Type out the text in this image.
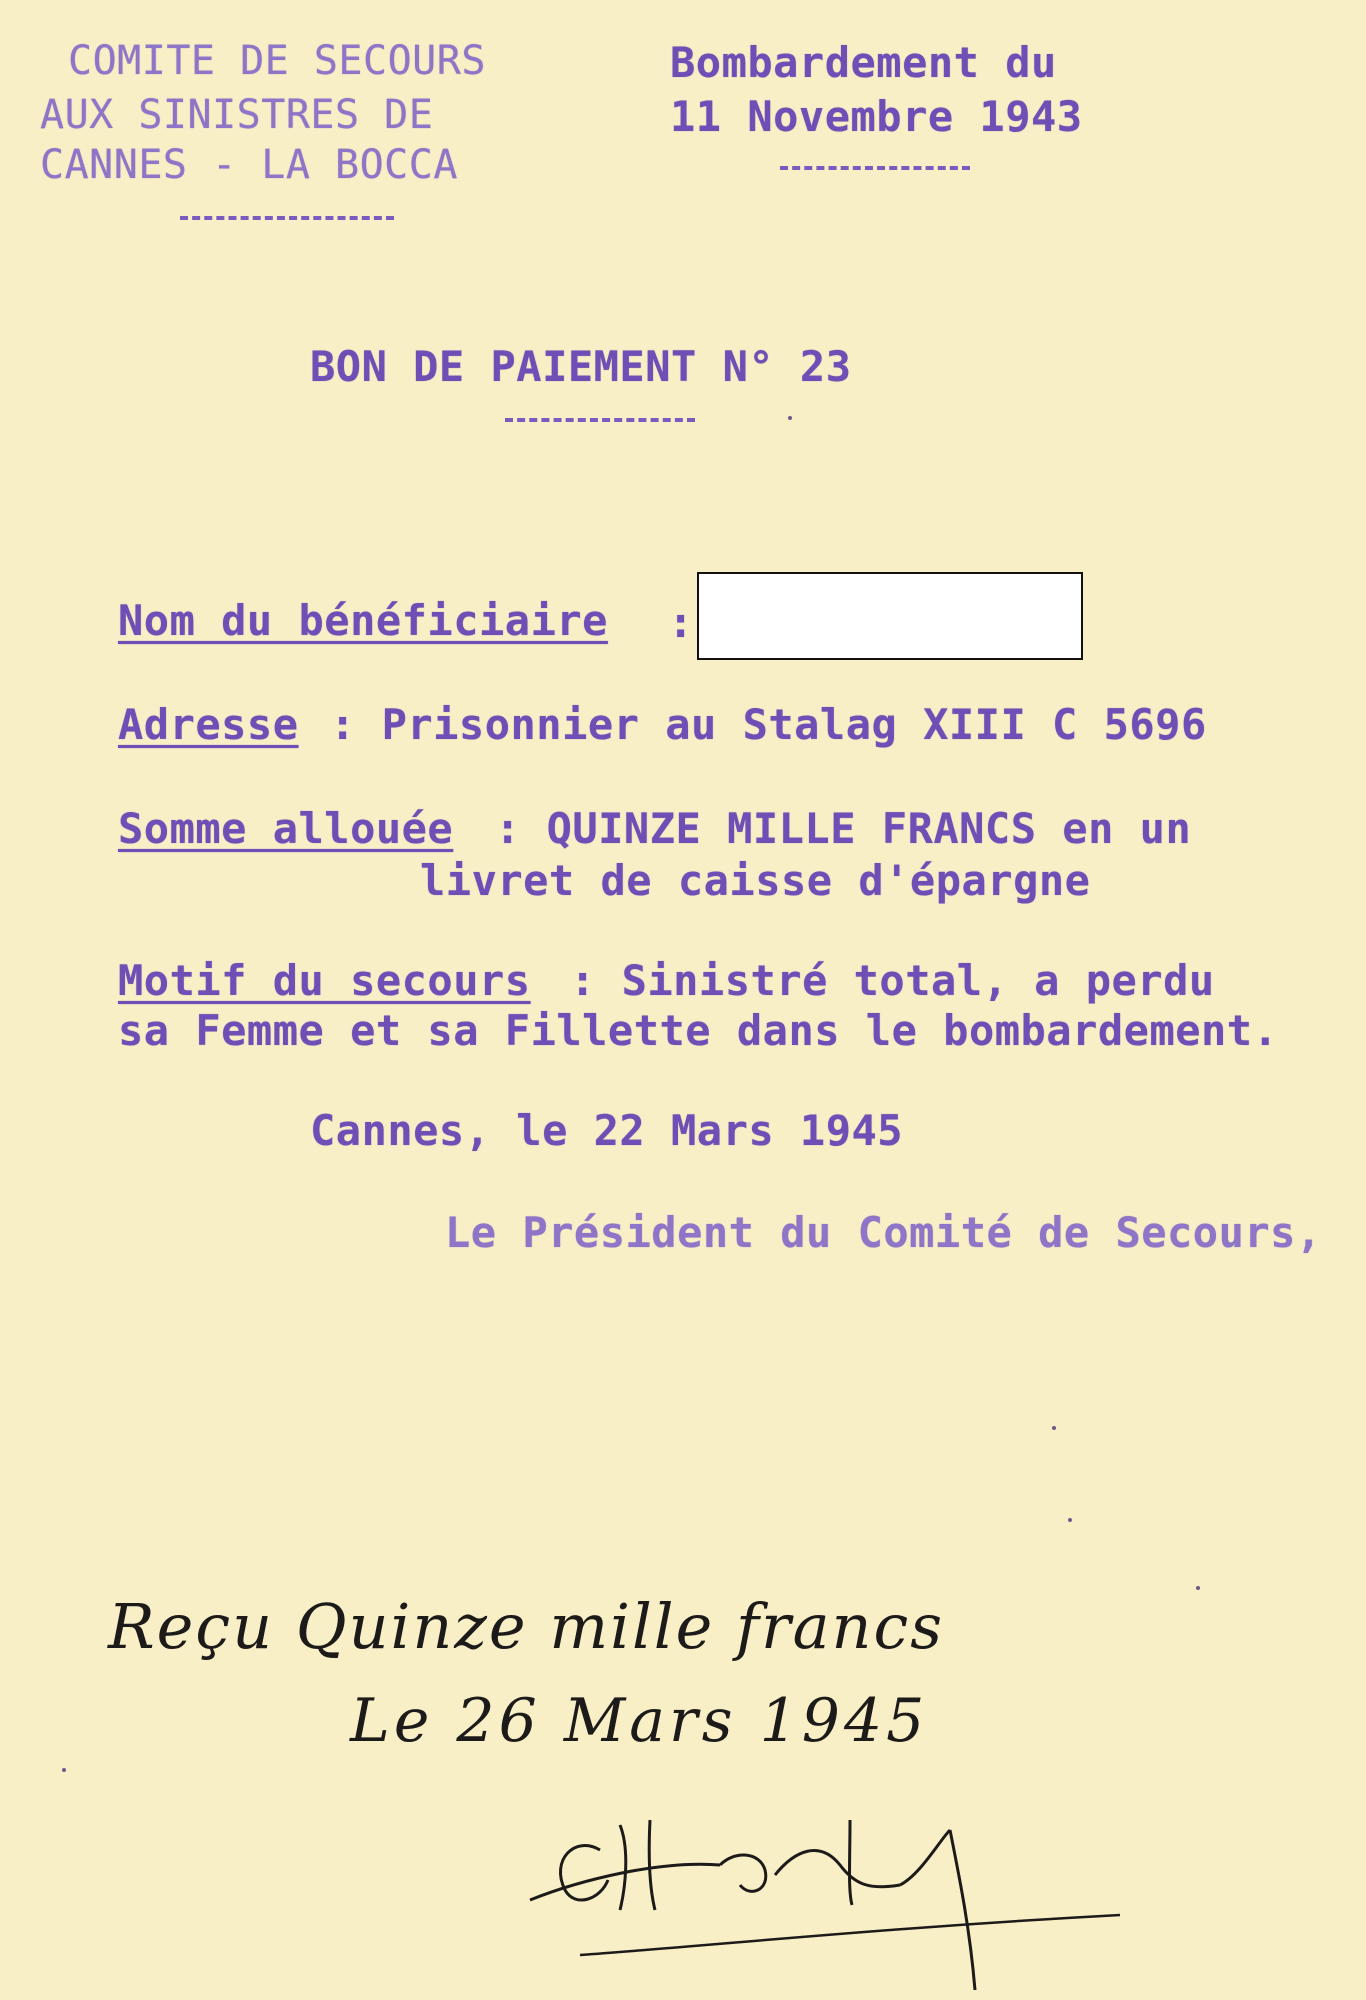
COMITE DE SECOURS
AUX SINISTRES DE
CANNES - LA BOCCA
Bombardement du
11 Novembre 1943
BON DE PAIEMENT N° 23
Nom du bénéficiaire :
Adresse : Prisonnier au Stalag XIII C 5696
Somme allouée : QUINZE MILLE FRANCS en un
livret de caisse d'épargne
Motif du secours : Sinistré total, a perdu
sa Femme et sa Fillette dans le bombardement.
Cannes, le 22 Mars 1945
Le Président du Comité de Secours,
Reçu Quinze mille francs
Le 26 Mars 1945
